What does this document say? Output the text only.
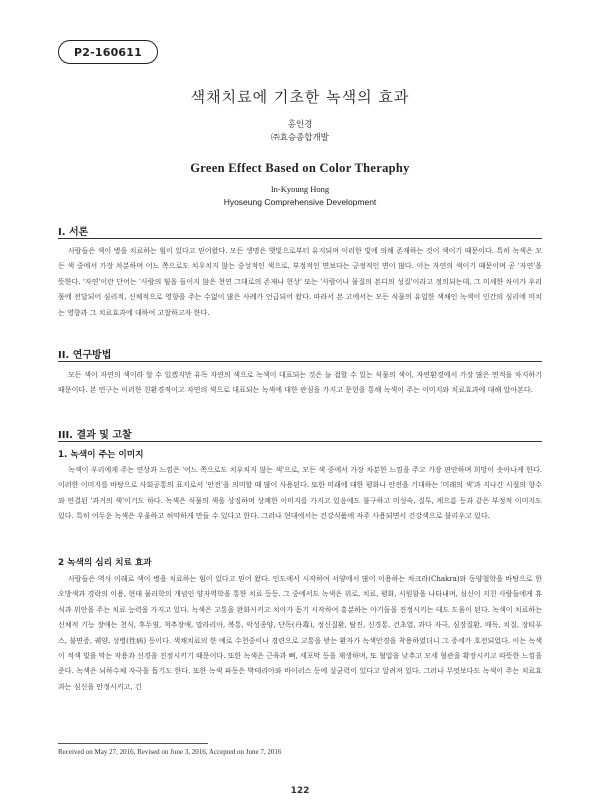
P2-160611
색채치료에 기초한 녹색의 효과
홍인경
㈜효승종합개발
Green Effect Based on Color Theraphy
In-Kyoung Hong
Hyoseung Comprehensive Development
I. 서론

사람들은 색이 병을 치료하는 힘이 있다고 믿어왔다. 모든 생명은 햇빛으로부터 유지되며 이러한 빛에 의해 존재하는 것이 색이기 때문이다. 특히 녹색은 모든 색 중에서 가장 차분하며 어느 쪽으로도 치우치지 않는 중성적인 색으로, 부정적인 면보다는 긍정적인 면이 많다. 이는 자연의 색이기 때문이며 곧 '자연'을 뜻한다. '자연'이란 단어는 '사람의 힘을 들이지 않은 천연 그대로의 존재나 현상' 또는 '사람이나 물질의 본디의 성질'이라고 정의되는데, 그 미세한 차이가 우리 몸에 전달되어 심리적, 신체적으로 영향을 주는 수없이 많은 사례가 언급되어 왔다. 따라서 본 고에서는 모든 식물의 유일한 색채인 녹색이 인간의 심리에 미치는 영향과 그 치료효과에 대하여 고찰하고자 한다.

II. 연구방법

모든 색이 자연의 색이라 할 수 있겠지만 유독 자연의 색으로 녹색이 대표되는 것은 늘 접할 수 있는 식물의 색이, 자연환경에서 가장 많은 면적을 차지하기 때문이다. 본 연구는 이러한 친환경적이고 자연의 색으로 대표되는 녹색에 대한 관심을 가지고 문헌을 통해 녹색이 주는 이미지와 치료효과에 대해 알아본다.

III. 결과 및 고찰
1. 녹색이 주는 이미지

녹색이 우리에게 주는 연상과 느낌은 '어느 쪽으로도 치우치지 않는 색'으로, 모든 색 중에서 가장 차분한 느낌을 주고 가장 편안하며 희망이 솟아나게 한다. 이러한 이미지를 바탕으로 사회공통의 표지로서 '안전'을 의미할 때 많이 사용된다. 또한 미래에 대한 평화나 안전을 기대하는 '미래의 색'과 지나간 시절의 향수와 연결된 '과거의 색'이기도 하다. 녹색은 식물의 색을 상징하며 상쾌한 이미지를 가지고 있음에도 불구하고 미성숙, 질투, 게으름 등과 같은 부정적 이미지도 있다. 특히 어두운 녹색은 우울하고 허약하게 만들 수 있다고 한다. 그러나 현대에서는 건강식품에 자주 사용되면서 건강색으로 불리우고 있다.

2 녹색의 심리 치료 효과

사람들은 역사 이래로 색이 병을 치료하는 힘이 있다고 믿어 왔다. 인도에서 시작하여 서양에서 많이 이용하는 차크라(Chakra)와 동양철학을 바탕으로 한 오방색과 경락의 이용, 현대 물리학의 개념인 양자역학을 통한 치료 등등. 그 중에서도 녹색은 위로, 치료, 평화, 시원함을 나타내며, 심신이 지친 사람들에게 휴식과 위안을 주는 치료 능력을 가지고 있다. 녹색은 고통을 완화시키고 치아가 돋기 시작하여 흥분하는 아기들을 진정시키는 데도 도움이 된다. 녹색이 치료하는 신체적 기능 장애는 천식, 후두염, 척추장애, 말라리아, 복통, 악성종양, 단독(丹毒), 정신질환, 탈진, 신경통, 건초열, 과다 자극, 심장질환, 매독, 치질, 장티푸스, 불면증, 궤양, 성병(性病) 등이다. 색채치료의 한 예로 수천중이나 경련으로 고통을 받는 환자가 녹색안경을 착용하였더니 그 증세가 호전되었다. 이는 녹색이 적색 빛을 막는 작용과 신경을 진정시키기 때문이다. 또한 녹색은 근육과 뼈, 세포막 등을 재생하며, 또 혈압을 낮추고 모세 혈관을 확장시키고 따뜻한 느낌을 준다. 녹색은 뇌하수체 자극을 돕기도 한다. 또한 녹색 파동은 박테리아와 바이러스 등에 살균력이 있다고 알려져 있다. 그러나 무엇보다도 녹색이 주는 치료효과는 심신을 안정시키고, 긴

Received on May 27, 2016, Revised on June 3, 2016, Accepted on June 7, 2016
122
